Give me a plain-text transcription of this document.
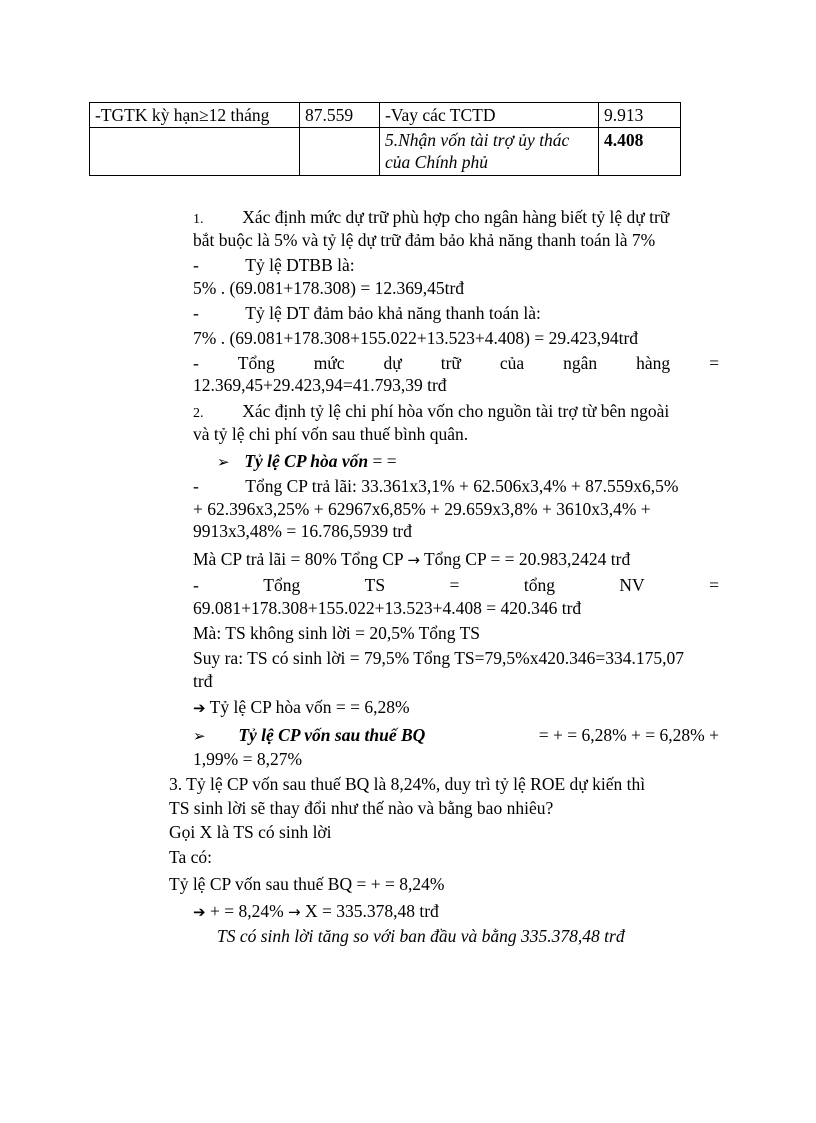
-TGTK kỳ hạn≥12 tháng	87.559	-Vay các TCTD	9.913
		5.Nhận vốn tài trợ ủy thác của Chính phủ	4.408
1. Xác định mức dự trữ phù hợp cho ngân hàng biết tỷ lệ dự trữ
bắt buộc là 5% và tỷ lệ dự trữ đảm bảo khả năng thanh toán là 7%
-	Tỷ lệ DTBB là:
5% . (69.081+178.308) = 12.369,45trđ
-	Tỷ lệ DT đảm bảo khả năng thanh toán là:
7% . (69.081+178.308+155.022+13.523+4.408) = 29.423,94trđ
- Tổng mức dự trữ của ngân hàng =
12.369,45+29.423,94=41.793,39 trđ
2. Xác định tỷ lệ chi phí hòa vốn cho nguồn tài trợ từ bên ngoài
và tỷ lệ chi phí vốn sau thuế bình quân.
➢ Tỷ lệ CP hòa vốn = =
-	Tổng CP trả lãi: 33.361x3,1% + 62.506x3,4% + 87.559x6,5%
+ 62.396x3,25% + 62967x6,85% + 29.659x3,8% + 3610x3,4% +
9913x3,48% = 16.786,5939 trđ
Mà CP trả lãi = 80% Tổng CP → Tổng CP = = 20.983,2424 trđ
-	Tổng	TS	=	tổng	NV	=
69.081+178.308+155.022+13.523+4.408 = 420.346 trđ
Mà: TS không sinh lời = 20,5% Tổng TS
Suy ra: TS có sinh lời = 79,5% Tổng TS=79,5%x420.346=334.175,07
trđ
➔ Tỷ lệ CP hòa vốn = = 6,28%
➢ Tỷ lệ CP vốn sau thuế BQ	= + = 6,28% + = 6,28% +
1,99% = 8,27%
3. Tỷ lệ CP vốn sau thuế BQ là 8,24%, duy trì tỷ lệ ROE dự kiến thì
TS sinh lời sẽ thay đổi như thế nào và bằng bao nhiêu?
Gọi X là TS có sinh lời
Ta có:
Tỷ lệ CP vốn sau thuế BQ = + = 8,24%
➔ + = 8,24% → X = 335.378,48 trđ
TS có sinh lời tăng so với ban đầu và bằng 335.378,48 trđ
